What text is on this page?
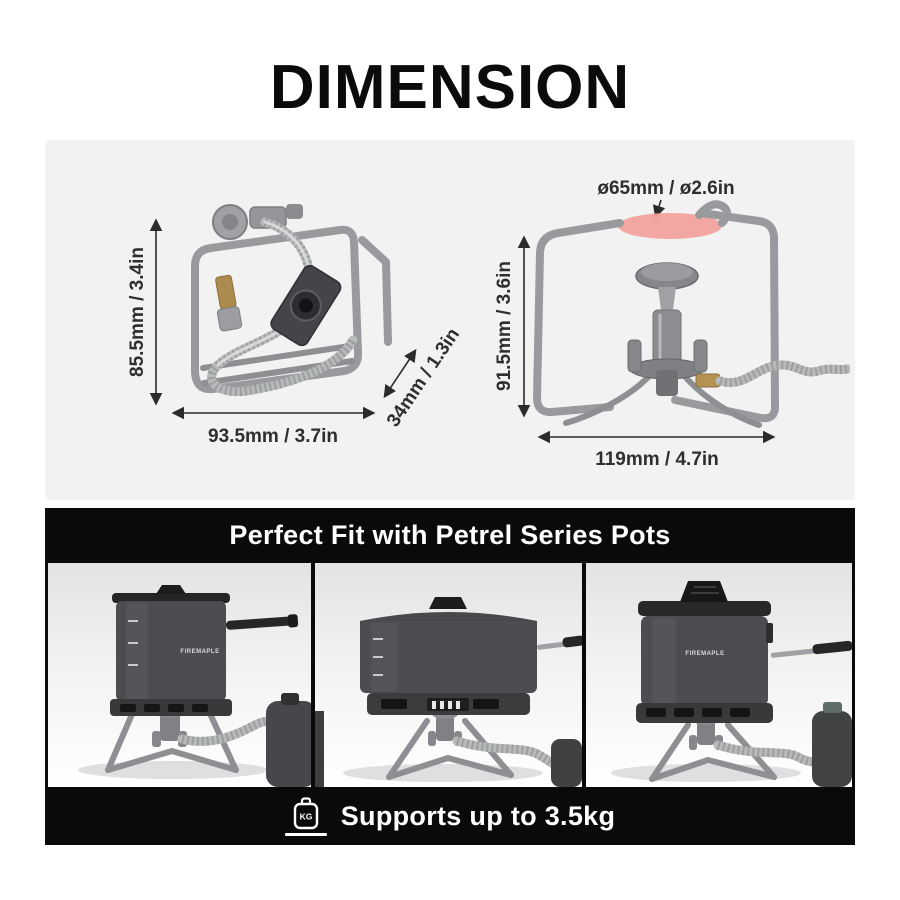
DIMENSION
85.5mm / 3.4in
93.5mm / 3.7in
34mm / 1.3in
ø65mm / ø2.6in
91.5mm / 3.6in
119mm / 4.7in
Perfect Fit with Petrel Series Pots
FIREMAPLE	FIREMAPLE
KG Supports up to 3.5kg
